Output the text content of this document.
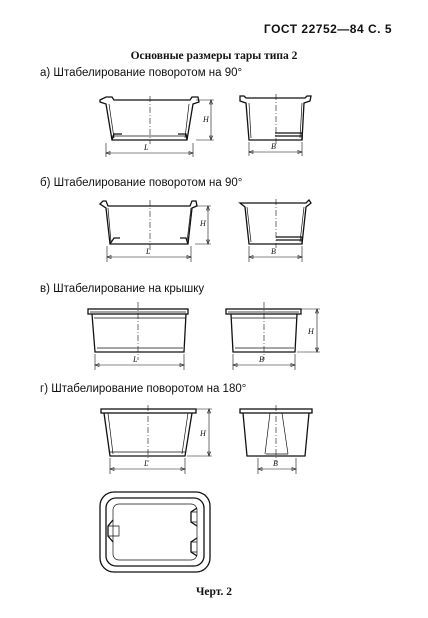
ГОСТ 22752—84 С. 5
Основные размеры тары типа 2
а) Штабелирование поворотом на 90°
б) Штабелирование поворотом на 90°
в) Штабелирование на крышку
г) Штабелирование поворотом на 180°
L
H
B
L
H
B
L	B
H
L
H
B
Черт. 2
